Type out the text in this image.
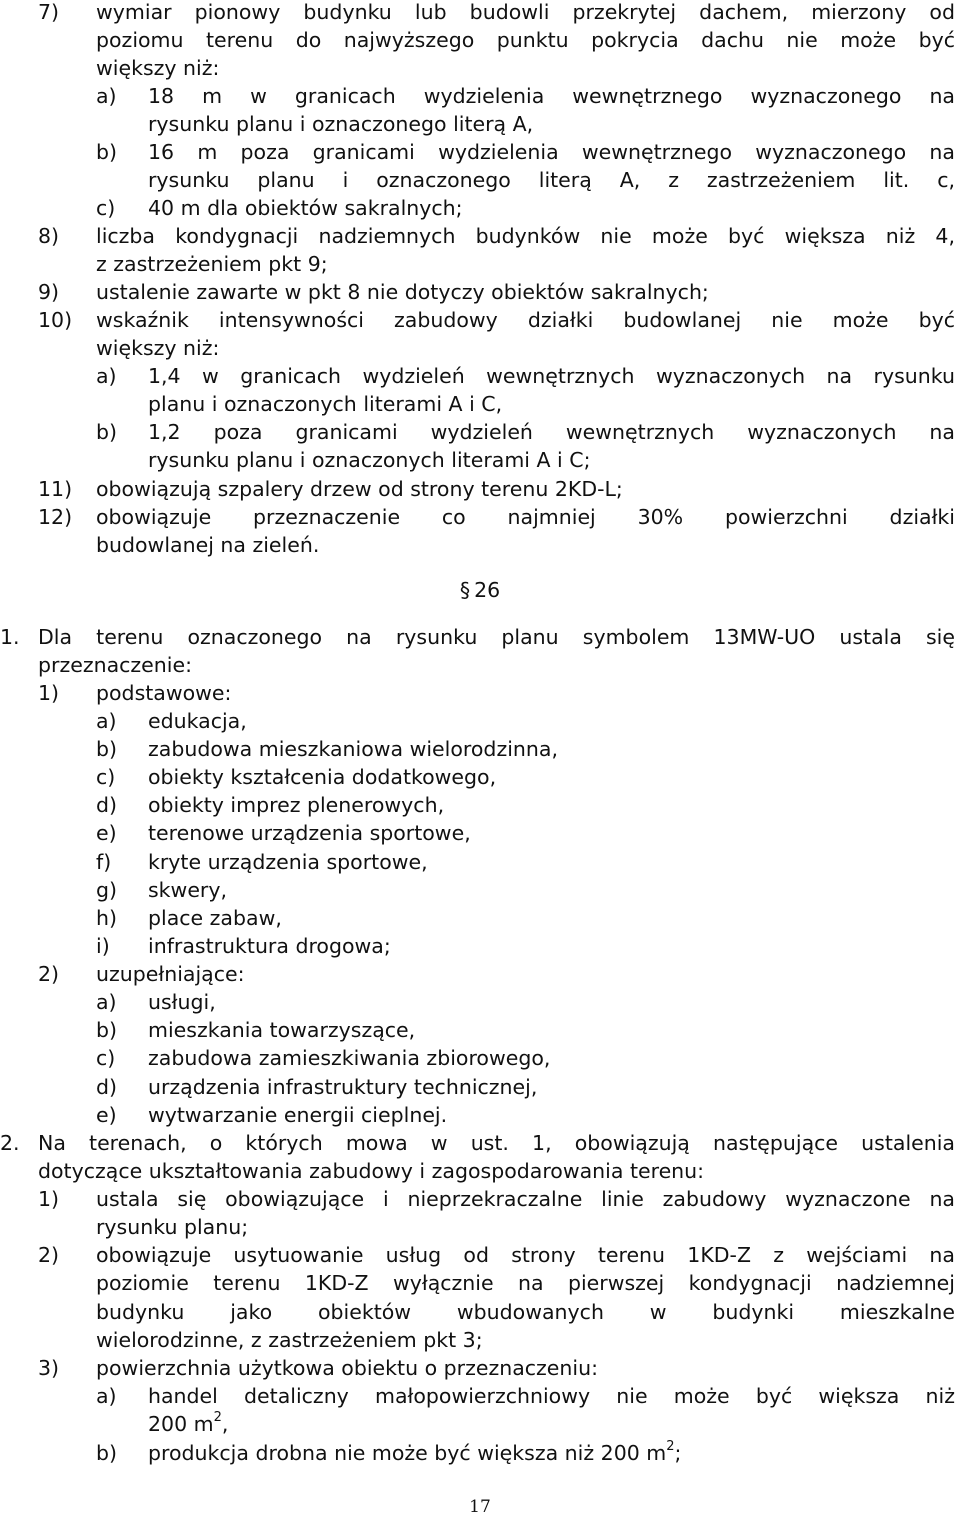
7) wymiar pionowy budynku lub budowli przekrytej dachem, mierzony od
poziomu terenu do najwyższego punktu pokrycia dachu nie może być
większy niż:
a) 18 m w granicach wydzielenia wewnętrznego wyznaczonego na
rysunku planu i oznaczonego literą A,
b) 16 m poza granicami wydzielenia wewnętrznego wyznaczonego na
rysunku planu i oznaczonego literą A, z zastrzeżeniem lit. c,
c) 40 m dla obiektów sakralnych;
8) liczba kondygnacji nadziemnych budynków nie może być większa niż 4,
z zastrzeżeniem pkt 9;
9) ustalenie zawarte w pkt 8 nie dotyczy obiektów sakralnych;
10) wskaźnik intensywności zabudowy działki budowlanej nie może być
większy niż:
a) 1,4 w granicach wydzieleń wewnętrznych wyznaczonych na rysunku
planu i oznaczonych literami A i C,
b) 1,2 poza granicami wydzieleń wewnętrznych wyznaczonych na
rysunku planu i oznaczonych literami A i C;
11) obowiązują szpalery drzew od strony terenu 2KD-L;
12) obowiązuje przeznaczenie co najmniej 30% powierzchni działki
budowlanej na zieleń.
1. Dla terenu oznaczonego na rysunku planu symbolem 13MW-UO ustala się
przeznaczenie:
1) podstawowe:
a) edukacja,
b) zabudowa mieszkaniowa wielorodzinna,
c) obiekty kształcenia dodatkowego,
d) obiekty imprez plenerowych,
e) terenowe urządzenia sportowe,
f) kryte urządzenia sportowe,
g) skwery,
h) place zabaw,
i) infrastruktura drogowa;
2) uzupełniające:
a) usługi,
b) mieszkania towarzyszące,
c) zabudowa zamieszkiwania zbiorowego,
d) urządzenia infrastruktury technicznej,
e) wytwarzanie energii cieplnej.
2. Na terenach, o których mowa w ust. 1, obowiązują następujące ustalenia
dotyczące ukształtowania zabudowy i zagospodarowania terenu:
1) ustala się obowiązujące i nieprzekraczalne linie zabudowy wyznaczone na
rysunku planu;
2) obowiązuje usytuowanie usług od strony terenu 1KD-Z z wejściami na
poziomie terenu 1KD-Z wyłącznie na pierwszej kondygnacji nadziemnej
budynku jako obiektów wbudowanych w budynki mieszkalne
wielorodzinne, z zastrzeżeniem pkt 3;
3) powierzchnia użytkowa obiektu o przeznaczeniu:
a) handel detaliczny małopowierzchniowy nie może być większa niż
200 $m^2$,
b) produkcja drobna nie może być większa niż 200 $m^2$;
§ 26
17
